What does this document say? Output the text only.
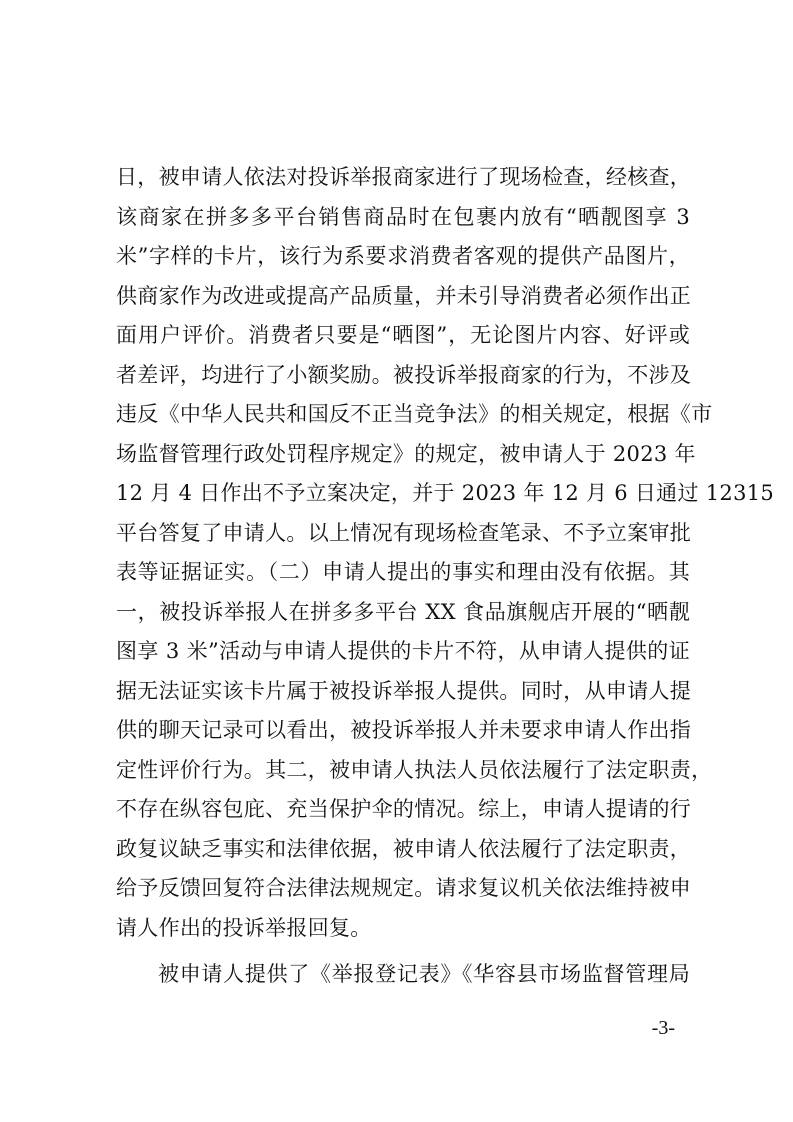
日，被申请人依法对投诉举报商家进行了现场检查，经核查，
该商家在拼多多平台销售商品时在包裹内放有“晒靓图享 3
米”字样的卡片，该行为系要求消费者客观的提供产品图片，
供商家作为改进或提高产品质量，并未引导消费者必须作出正
面用户评价。消费者只要是“晒图”，无论图片内容、好评或
者差评，均进行了小额奖励。被投诉举报商家的行为，不涉及
违反《中华人民共和国反不正当竞争法》的相关规定，根据《市
场监督管理行政处罚程序规定》的规定，被申请人于 2023 年
12 月 4 日作出不予立案决定，并于 2023 年 12 月 6 日通过 12315
平台答复了申请人。以上情况有现场检查笔录、不予立案审批
表等证据证实。（二）申请人提出的事实和理由没有依据。其
一，被投诉举报人在拼多多平台 XX 食品旗舰店开展的“晒靓
图享 3 米”活动与申请人提供的卡片不符，从申请人提供的证
据无法证实该卡片属于被投诉举报人提供。同时，从申请人提
供的聊天记录可以看出，被投诉举报人并未要求申请人作出指
定性评价行为。其二，被申请人执法人员依法履行了法定职责，
不存在纵容包庇、充当保护伞的情况。综上，申请人提请的行
政复议缺乏事实和法律依据，被申请人依法履行了法定职责，
给予反馈回复符合法律法规规定。请求复议机关依法维持被申
请人作出的投诉举报回复。
被申请人提供了《举报登记表》《华容县市场监督管理局
-3-
